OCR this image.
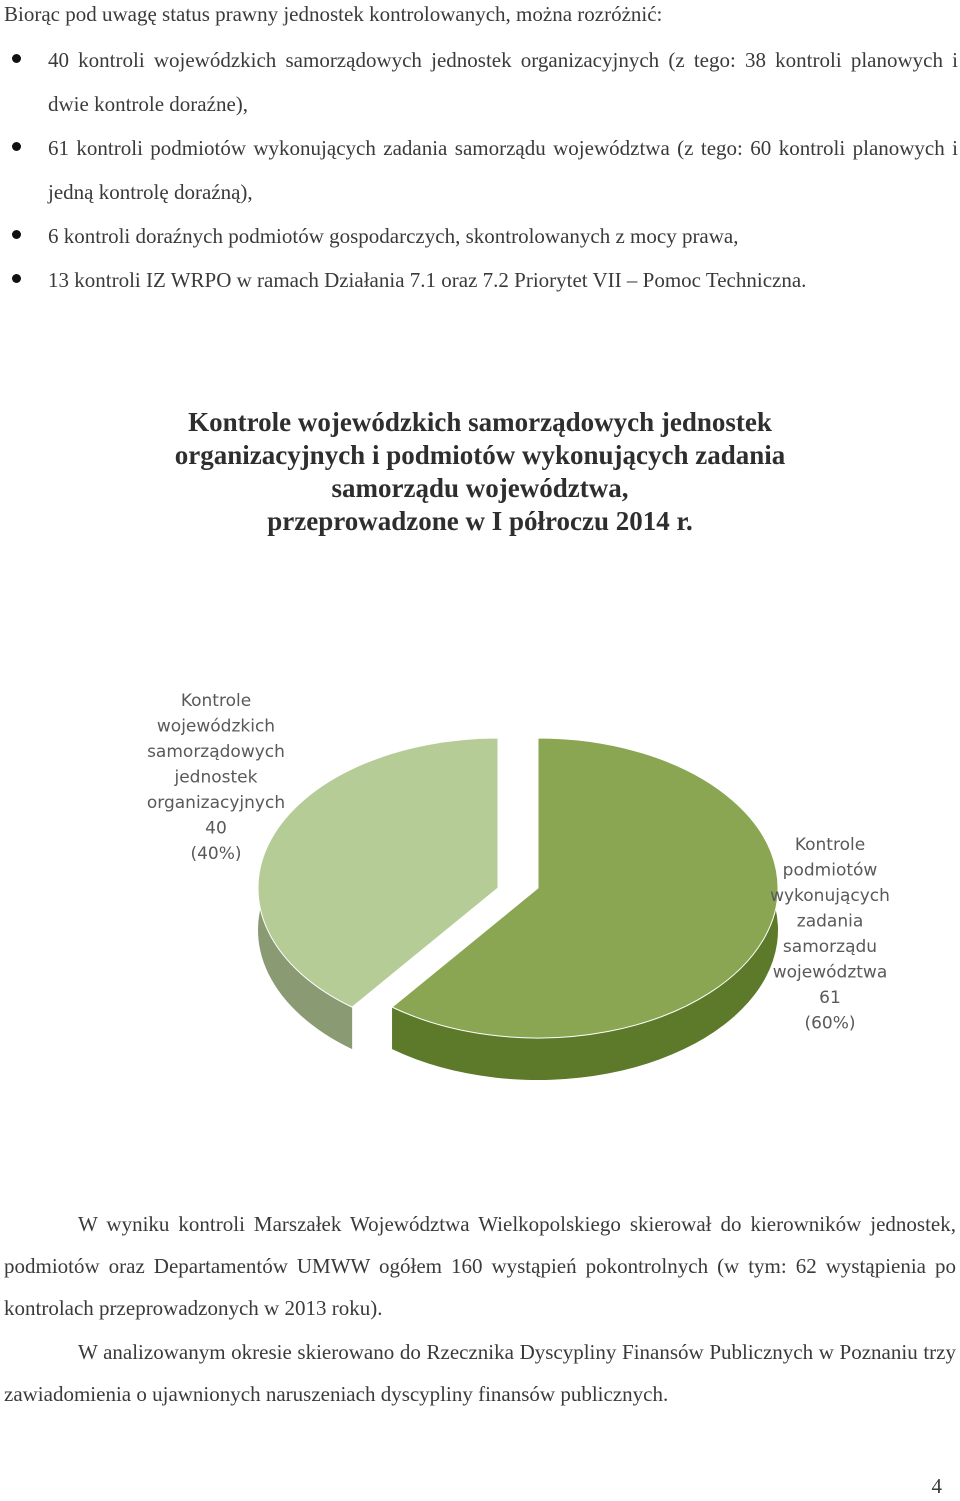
Biorąc pod uwagę status prawny jednostek kontrolowanych, można rozróżnić:
40 kontroli wojewódzkich samorządowych jednostek organizacyjnych (z tego: 38 kontroli planowych i dwie kontrole doraźne),
61 kontroli podmiotów wykonujących zadania samorządu województwa (z tego: 60 kontroli planowych i jedną kontrolę doraźną),
6 kontroli doraźnych podmiotów gospodarczych, skontrolowanych z mocy prawa,
13 kontroli IZ WRPO w ramach Działania 7.1 oraz 7.2 Priorytet VII – Pomoc Techniczna.
Kontrole wojewódzkich samorządowych jednostek
organizacyjnych i podmiotów wykonujących zadania
samorządu województwa,
przeprowadzone w I półroczu 2014 r.
Kontrole wojewódzkich samorządowych jednostek organizacyjnych 40 (40%)	Kontrole podmiotów wykonujących zadania samorządu województwa 61 (60%)

W wyniku kontroli Marszałek Województwa Wielkopolskiego skierował do kierowników jednostek, podmiotów oraz Departamentów UMWW ogółem 160 wystąpień pokontrolnych (w tym: 62 wystąpienia po kontrolach przeprowadzonych w 2013 roku).

W analizowanym okresie skierowano do Rzecznika Dyscypliny Finansów Publicznych w Poznaniu trzy zawiadomienia o ujawnionych naruszeniach dyscypliny finansów publicznych.

4
